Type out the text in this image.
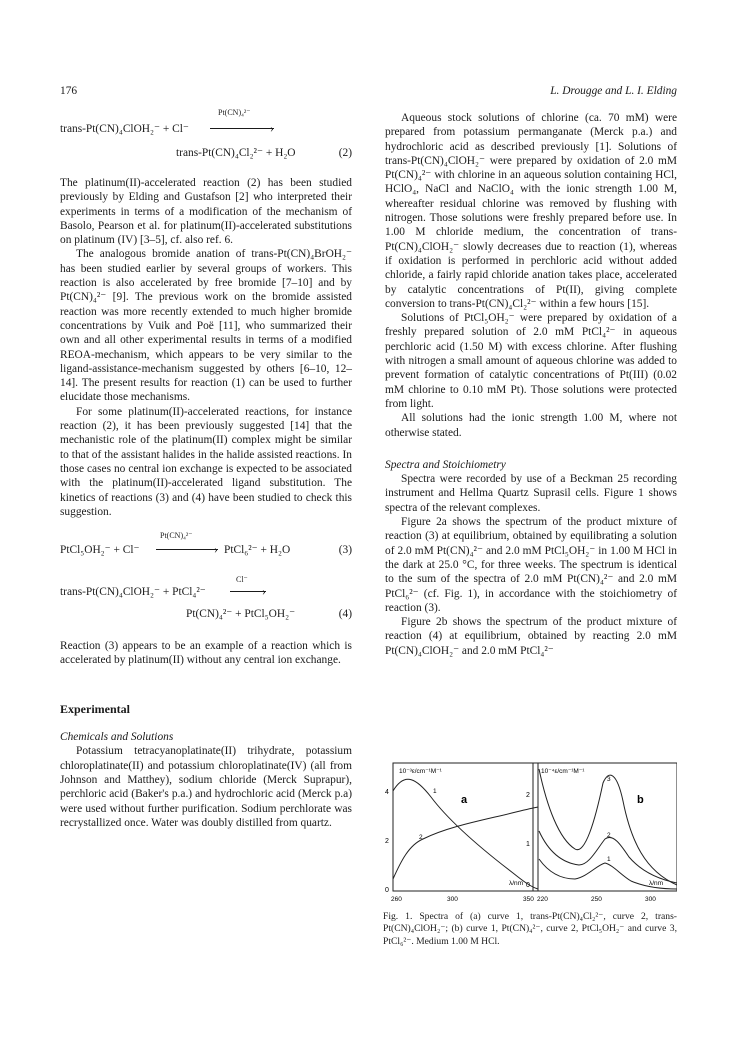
176	L. Drougge and L. I. Elding
Pt(CN)₄²⁻
trans-Pt(CN)₄ClOH₂⁻ + Cl⁻	›
trans-Pt(CN)₄Cl₂²⁻ + H₂O	(2)

The platinum(II)-accelerated reaction (2) has been studied previously by Elding and Gustafson [2] who interpreted their experiments in terms of a modification of the mechanism of Basolo, Pearson et al. for platinum(II)-accelerated substitutions on platinum (IV) [3–5], cf. also ref. 6.

The analogous bromide anation of trans-Pt(CN)₄BrOH₂⁻ has been studied earlier by several groups of workers. This reaction is also accelerated by free bromide [7–10] and by Pt(CN)₄²⁻ [9]. The previous work on the bromide assisted reaction was more recently extended to much higher bromide concentrations by Vuik and Poë [11], who summarized their own and all other experimental results in terms of a modified REOA-mechanism, which appears to be very similar to the ligand-assistance-mechanism suggested by others [6–10, 12–14]. The present results for reaction (1) can be used to further elucidate those mechanisms.

For some platinum(II)-accelerated reactions, for instance reaction (2), it has been previously suggested [14] that the mechanistic role of the platinum(II) complex might be similar to that of the assistant halides in the halide assisted reactions. In those cases no central ion exchange is expected to be associated with the platinum(II)-accelerated ligand substitution. The kinetics of reactions (3) and (4) have been studied to check this suggestion.

Pt(CN)₄²⁻
PtCl₅OH₂⁻ + Cl⁻	› PtCl₆²⁻ + H₂O	(3)
Cl⁻
trans-Pt(CN)₄ClOH₂⁻ + PtCl₄²⁻	›
Pt(CN)₄²⁻ + PtCl₅OH₂⁻	(4)

Reaction (3) appears to be an example of a reaction which is accelerated by platinum(II) without any central ion exchange.

Experimental
Chemicals and Solutions

Potassium tetracyanoplatinate(II) trihydrate, potassium chloroplatinate(II) and potassium chloroplatinate(IV) (all from Johnson and Matthey), sodium chloride (Merck Suprapur), perchloric acid (Baker's p.a.) and hydrochloric acid (Merck p.a) were used without further purification. Sodium perchlorate was recrystallized once. Water was doubly distilled from quartz.

Aqueous stock solutions of chlorine (ca. 70 mM) were prepared from potassium permanganate (Merck p.a.) and hydrochloric acid as described previously [1]. Solutions of trans-Pt(CN)₄ClOH₂⁻ were prepared by oxidation of 2.0 mM Pt(CN)₄²⁻ with chlorine in an aqueous solution containing HCl, HClO₄, NaCl and NaClO₄ with the ionic strength 1.00 M, whereafter residual chlorine was removed by flushing with nitrogen. Those solutions were freshly prepared before use. In 1.00 M chloride medium, the concentration of trans-Pt(CN)₄ClOH₂⁻ slowly decreases due to reaction (1), whereas if oxidation is performed in perchloric acid without added chloride, a fairly rapid chloride anation takes place, accelerated by catalytic concentrations of Pt(II), giving complete conversion to trans-Pt(CN)₄Cl₂²⁻ within a few hours [15].

Solutions of PtCl₅OH₂⁻ were prepared by oxidation of a freshly prepared solution of 2.0 mM PtCl₄²⁻ in aqueous perchloric acid (1.50 M) with excess chlorine. After flushing with nitrogen a small amount of aqueous chlorine was added to prevent formation of catalytic concentrations of Pt(III) (0.02 mM chlorine to 0.10 mM Pt). Those solutions were protected from light.

All solutions had the ionic strength 1.00 M, where not otherwise stated.

Spectra and Stoichiometry

Spectra were recorded by use of a Beckman 25 recording instrument and Hellma Quartz Suprasil cells. Figure 1 shows spectra of the relevant complexes.

Figure 2a shows the spectrum of the product mixture of reaction (3) at equilibrium, obtained by equilibrating a solution of 2.0 mM Pt(CN)₄²⁻ and 2.0 mM PtCl₅OH₂⁻ in 1.00 M HCl in the dark at 25.0 °C, for three weeks. The spectrum is identical to the sum of the spectra of 2.0 mM Pt(CN)₄²⁻ and 2.0 mM PtCl₆²⁻ (cf. Fig. 1), in accordance with the stoichiometry of reaction (3).

Figure 2b shows the spectrum of the product mixture of reaction (4) at equilibrium, obtained by reacting 2.0 mM Pt(CN)₄ClOH₂⁻ and 2.0 mM PtCl₄²⁻

10⁻³ε/cm⁻¹M⁻¹
a
4
2
0
260	300	350
λ/nm
1
2
10⁻⁴ε/cm⁻¹M⁻¹
b
2
1
0
220	250	300
λ/nm
3
2
1
Fig. 1. Spectra of (a) curve 1, trans-Pt(CN)₄Cl₂²⁻, curve 2, trans-Pt(CN)₄ClOH₂⁻; (b) curve 1, Pt(CN)₄²⁻, curve 2, PtCl₅OH₂⁻ and curve 3, PtCl₆²⁻. Medium 1.00 M HCl.
